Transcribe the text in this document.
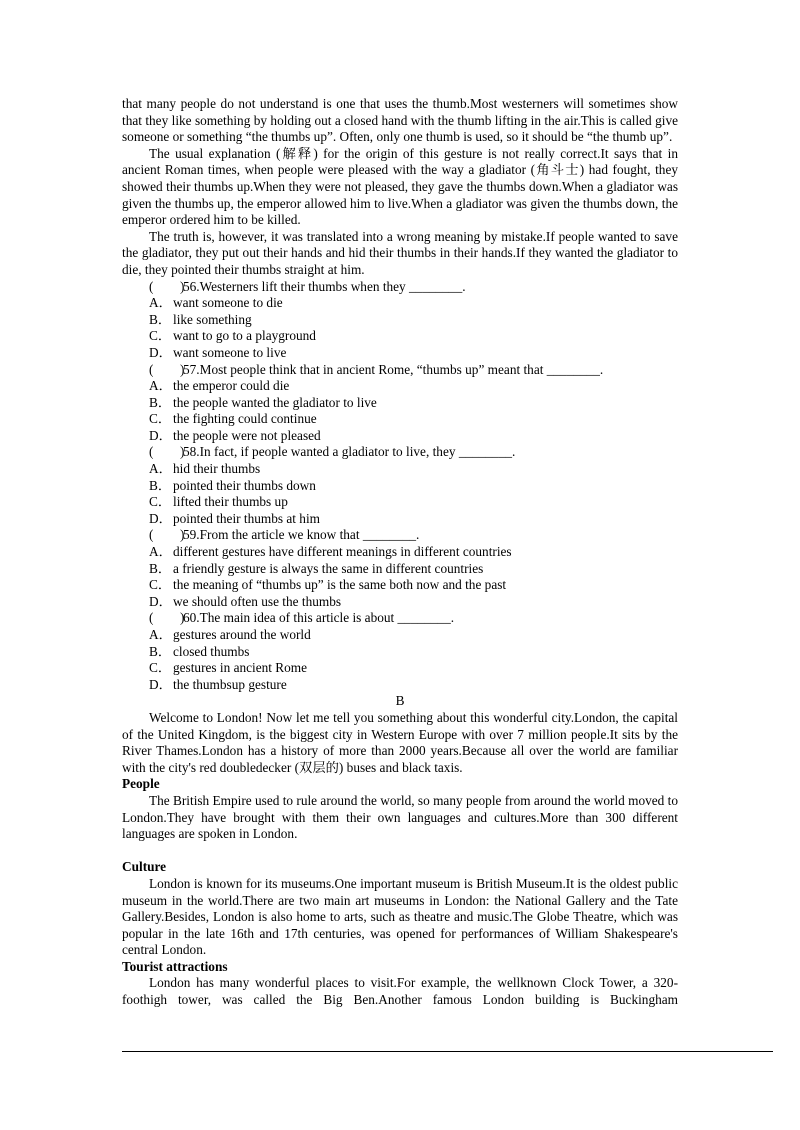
that many people do not understand is one that uses the thumb.Most westerners will sometimes show that they like something by holding out a closed hand with the thumb lifting in the air.This is called give someone or something “the thumbs up”. Often, only one thumb is used, so it should be “the thumb up”.

The usual explanation (解释) for the origin of this gesture is not really correct.It says that in ancient Roman times, when people were pleased with the way a gladiator (角斗士) had fought, they showed their thumbs up.When they were not pleased, they gave the thumbs down.When a gladiator was given the thumbs up, the emperor allowed him to live.When a gladiator was given the thumbs down, the emperor ordered him to be killed.

The truth is, however, it was translated into a wrong meaning by mistake.If people wanted to save the gladiator, they put out their hands and hid their thumbs in their hands.If they wanted the gladiator to die, they pointed their thumbs straight at him.

(　　)56.Westerners lift their thumbs when they ________.

A．want someone to die

B． like something

C． want to go to a playground

D．want someone to live

(　　)57.Most people think that in ancient Rome, “thumbs up” meant that ________.

A．the emperor could die

B． the people wanted the gladiator to live

C． the fighting could continue

D．the people were not pleased

(　　)58.In fact, if people wanted a gladiator to live, they ________.

A．hid their thumbs

B． pointed their thumbs down

C． lifted their thumbs up

D．pointed their thumbs at him

(　　)59.From the article we know that ________.

A．different gestures have different meanings in different countries

B． a friendly gesture is always the same in different countries

C． the meaning of “thumbs up” is the same both now and the past

D．we should often use the thumbs

(　　)60.The main idea of this article is about ________.

A．gestures around the world

B． closed thumbs

C． gestures in ancient Rome

D．the thumbsup gesture

B

Welcome to London! Now let me tell you something about this wonderful city.London, the capital of the United Kingdom, is the biggest city in Western Europe with over 7 million people.It sits by the River Thames.London has a history of more than 2000 years.Because all over the world are familiar with the city's red doubledecker (双层的) buses and black taxis.

People

The British Empire used to rule around the world, so many people from around the world moved to London.They have brought with them their own languages and cultures.More than 300 different languages are spoken in London.

Culture

London is known for its museums.One important museum is British Museum.It is the oldest public museum in the world.There are two main art museums in London: the National Gallery and the Tate Gallery.Besides, London is also home to arts, such as theatre and music.The Globe Theatre, which was popular in the late 16th and 17th centuries, was opened for performances of William Shakespeare's central London.

Tourist attractions

London has many wonderful places to visit.For example, the wellknown Clock Tower, a 320-foothigh tower, was called the Big Ben.Another famous London building is Buckingham
